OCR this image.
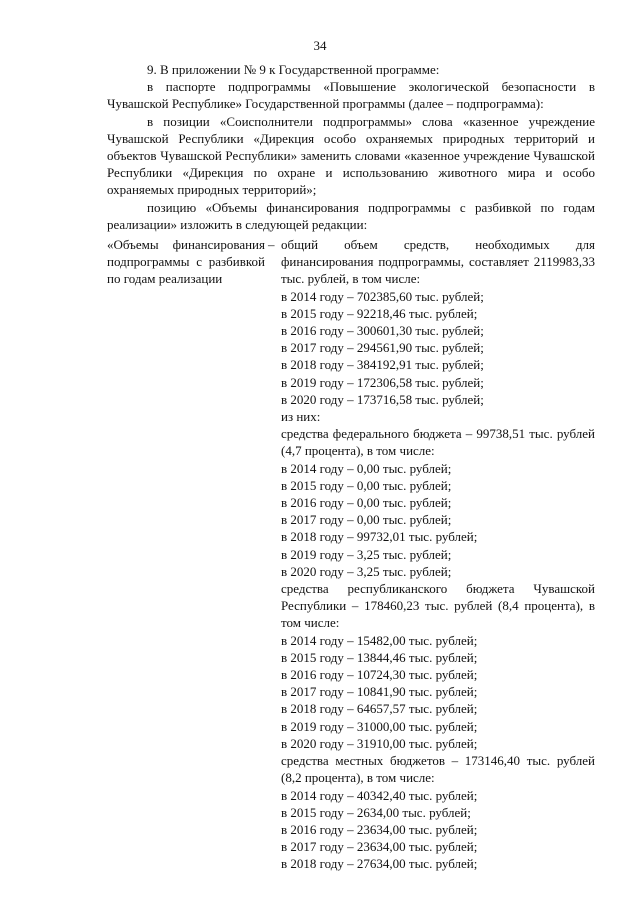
34

9. В приложении № 9 к Государственной программе:

в паспорте подпрограммы «Повышение экологической безопасности в Чувашской Республике» Государственной программы (далее – подпрограмма):

в позиции «Соисполнители подпрограммы» слова «казенное учреждение Чувашской Республики «Дирекция особо охраняемых природных территорий и объектов Чувашской Республики» заменить словами «казенное учреждение Чувашской Республики «Дирекция по охране и использованию животного мира и особо охраняемых природных территорий»;

позицию «Объемы финансирования подпрограммы с разбивкой по годам реализации» изложить в следующей редакции:

«Объемы финансирования подпрограммы с разбивкой по годам реализации
– общий объем средств, необходимых для финансирования подпрограммы, составляет 2119983,33 тыс. рублей, в том числе:
в 2014 году – 702385,60 тыс. рублей;
в 2015 году – 92218,46 тыс. рублей;
в 2016 году – 300601,30 тыс. рублей;
в 2017 году – 294561,90 тыс. рублей;
в 2018 году – 384192,91 тыс. рублей;
в 2019 году – 172306,58 тыс. рублей;
в 2020 году – 173716,58 тыс. рублей;
из них:
средства федерального бюджета – 99738,51 тыс. рублей (4,7 процента), в том числе:
в 2014 году – 0,00 тыс. рублей;
в 2015 году – 0,00 тыс. рублей;
в 2016 году – 0,00 тыс. рублей;
в 2017 году – 0,00 тыс. рублей;
в 2018 году – 99732,01 тыс. рублей;
в 2019 году – 3,25 тыс. рублей;
в 2020 году – 3,25 тыс. рублей;
средства республиканского бюджета Чувашской Республики – 178460,23 тыс. рублей (8,4 процента), в том числе:
в 2014 году – 15482,00 тыс. рублей;
в 2015 году – 13844,46 тыс. рублей;
в 2016 году – 10724,30 тыс. рублей;
в 2017 году – 10841,90 тыс. рублей;
в 2018 году – 64657,57 тыс. рублей;
в 2019 году – 31000,00 тыс. рублей;
в 2020 году – 31910,00 тыс. рублей;
средства местных бюджетов – 173146,40 тыс. рублей (8,2 процента), в том числе:
в 2014 году – 40342,40 тыс. рублей;
в 2015 году – 2634,00 тыс. рублей;
в 2016 году – 23634,00 тыс. рублей;
в 2017 году – 23634,00 тыс. рублей;
в 2018 году – 27634,00 тыс. рублей;
